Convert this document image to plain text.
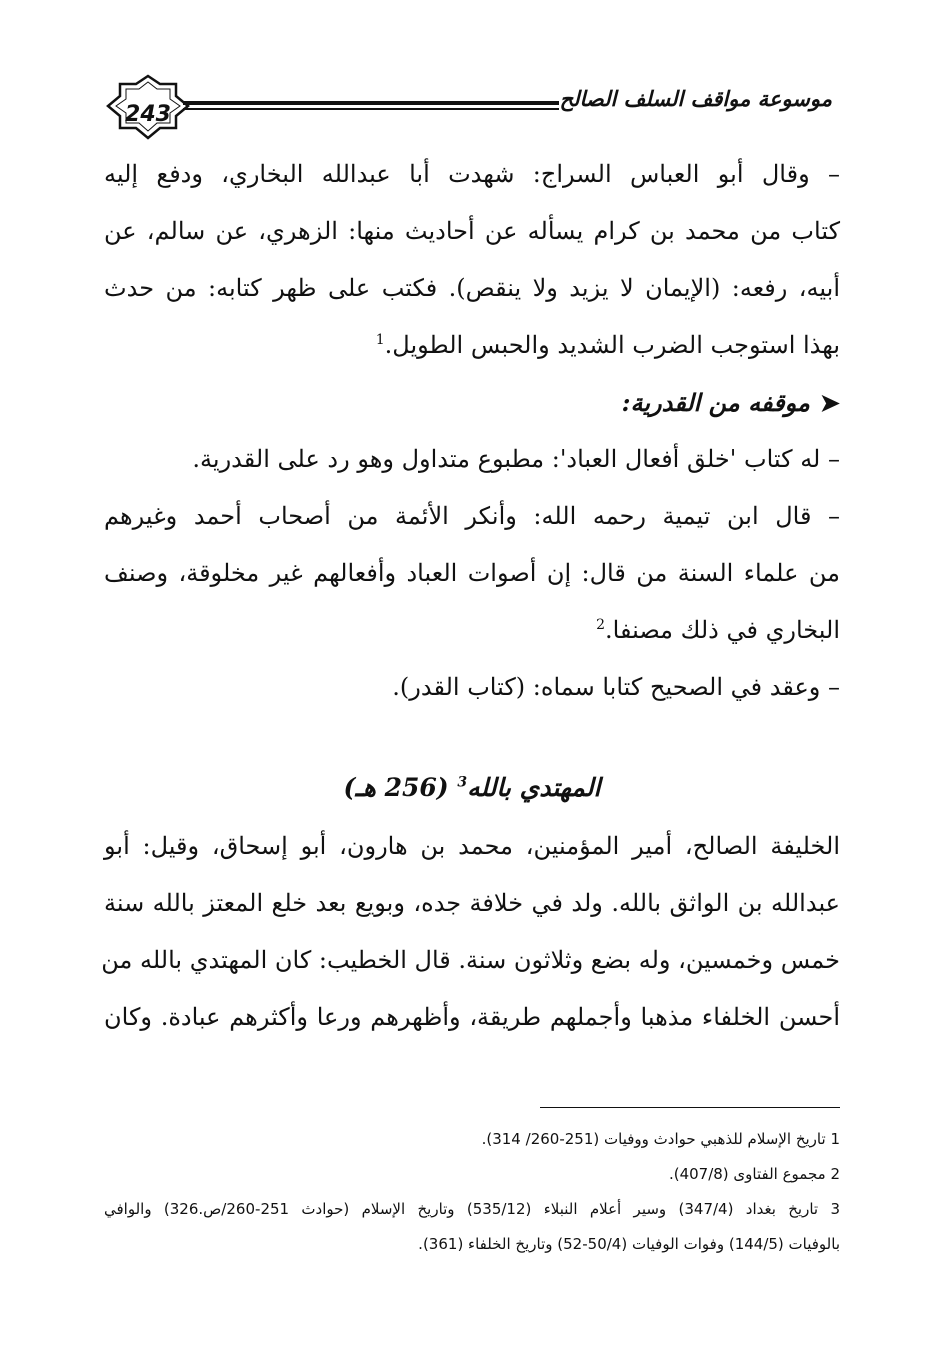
243
موسوعة مواقف السلف الصالح
– وقال أبو العباس السراج: شهدت أبا عبدالله البخاري، ودفع إليه
كتاب من محمد بن كرام يسأله عن أحاديث منها: الزهري، عن سالم، عن
أبيه، رفعه: (الإيمان لا يزيد ولا ينقص). فكتب على ظهر كتابه: من حدث
بهذا استوجب الضرب الشديد والحبس الطويل.$^1$
➤موقفه من القدرية:
– له كتاب 'خلق أفعال العباد': مطبوع متداول وهو رد على القدرية.
– قال ابن تيمية رحمه الله: وأنكر الأئمة من أصحاب أحمد وغيرهم
من علماء السنة من قال: إن أصوات العباد وأفعالهم غير مخلوقة، وصنف
البخاري في ذلك مصنفا.$^2$
– وعقد في الصحيح كتابا سماه: (كتاب القدر).
المهتدي بالله$^3$ (256 هـ)
الخليفة الصالح، أمير المؤمنين، محمد بن هارون، أبو إسحاق، وقيل: أبو
عبدالله بن الواثق بالله. ولد في خلافة جده، وبويع بعد خلع المعتز بالله سنة
خمس وخمسين، وله بضع وثلاثون سنة. قال الخطيب: كان المهتدي بالله من
أحسن الخلفاء مذهبا وأجملهم طريقة، وأظهرهم ورعا وأكثرهم عبادة. وكان
1 تاريخ الإسلام للذهبي حوادث ووفيات (251-260/ 314).
2 مجموع الفتاوى (407/8).
3 تاريخ بغداد (347/4) وسير أعلام النبلاء (535/12) وتاريخ الإسلام (حوادث 251-260/ص.326) والوافي
بالوفيات (144/5) وفوات الوفيات (50/4-52) وتاريخ الخلفاء (361).
